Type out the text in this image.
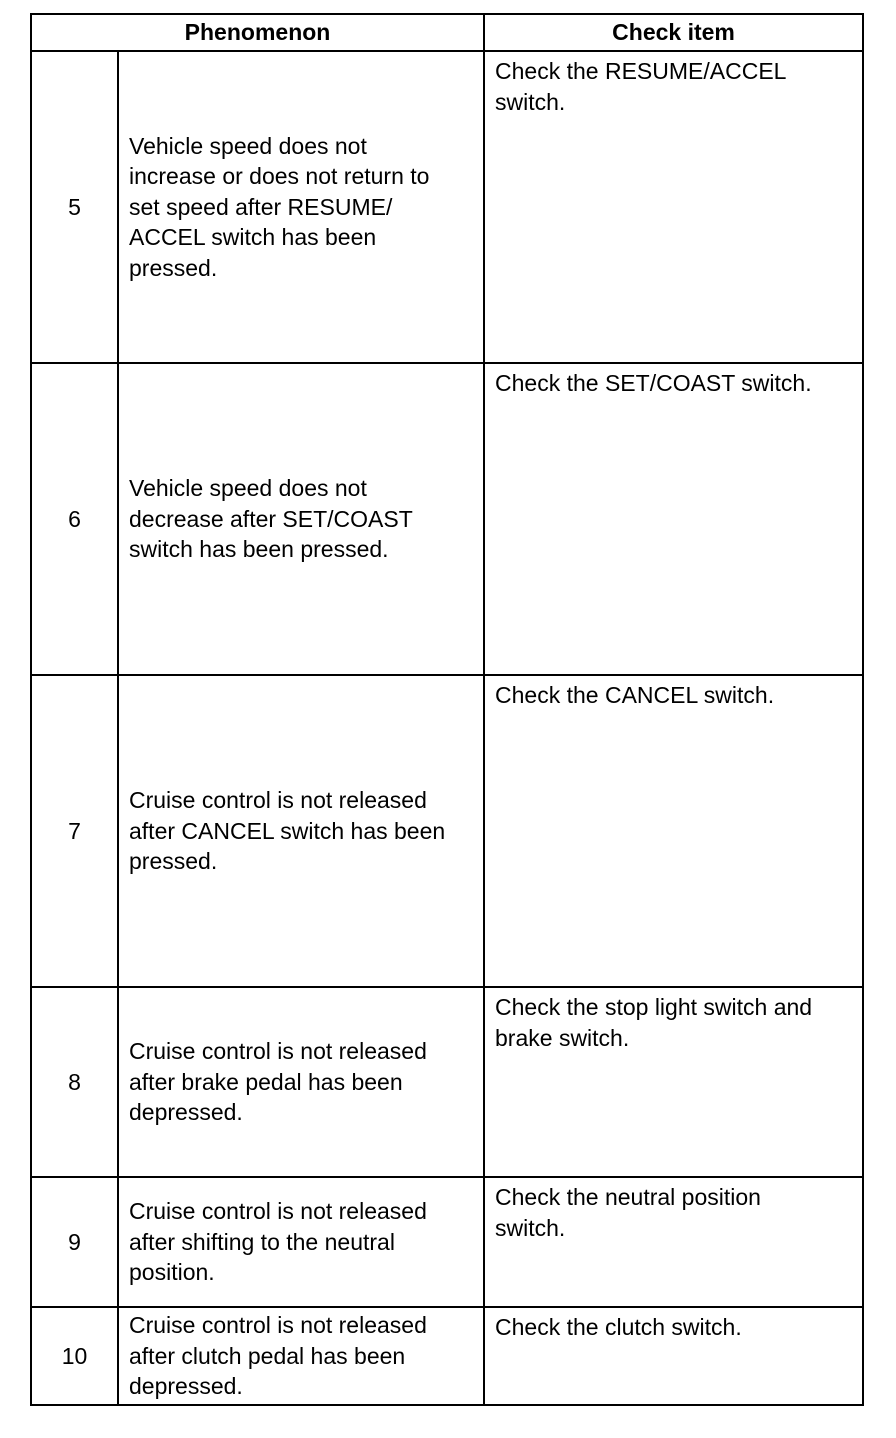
Phenomenon		Check item
5	Vehicle speed does not
increase or does not return to
set speed after RESUME/
ACCEL switch has been
pressed.	Check the RESUME/ACCEL
switch.

6	Vehicle speed does not
decrease after SET/COAST
switch has been pressed.	Check the SET/COAST switch.

7	Cruise control is not released
after CANCEL switch has been
pressed.	Check the CANCEL switch.

8	Cruise control is not released
after brake pedal has been
depressed.	Check the stop light switch and
brake switch.

9	Cruise control is not released
after shifting to the neutral
position.	Check the neutral position
switch.

10	Cruise control is not released
after clutch pedal has been
depressed.	Check the clutch switch.
